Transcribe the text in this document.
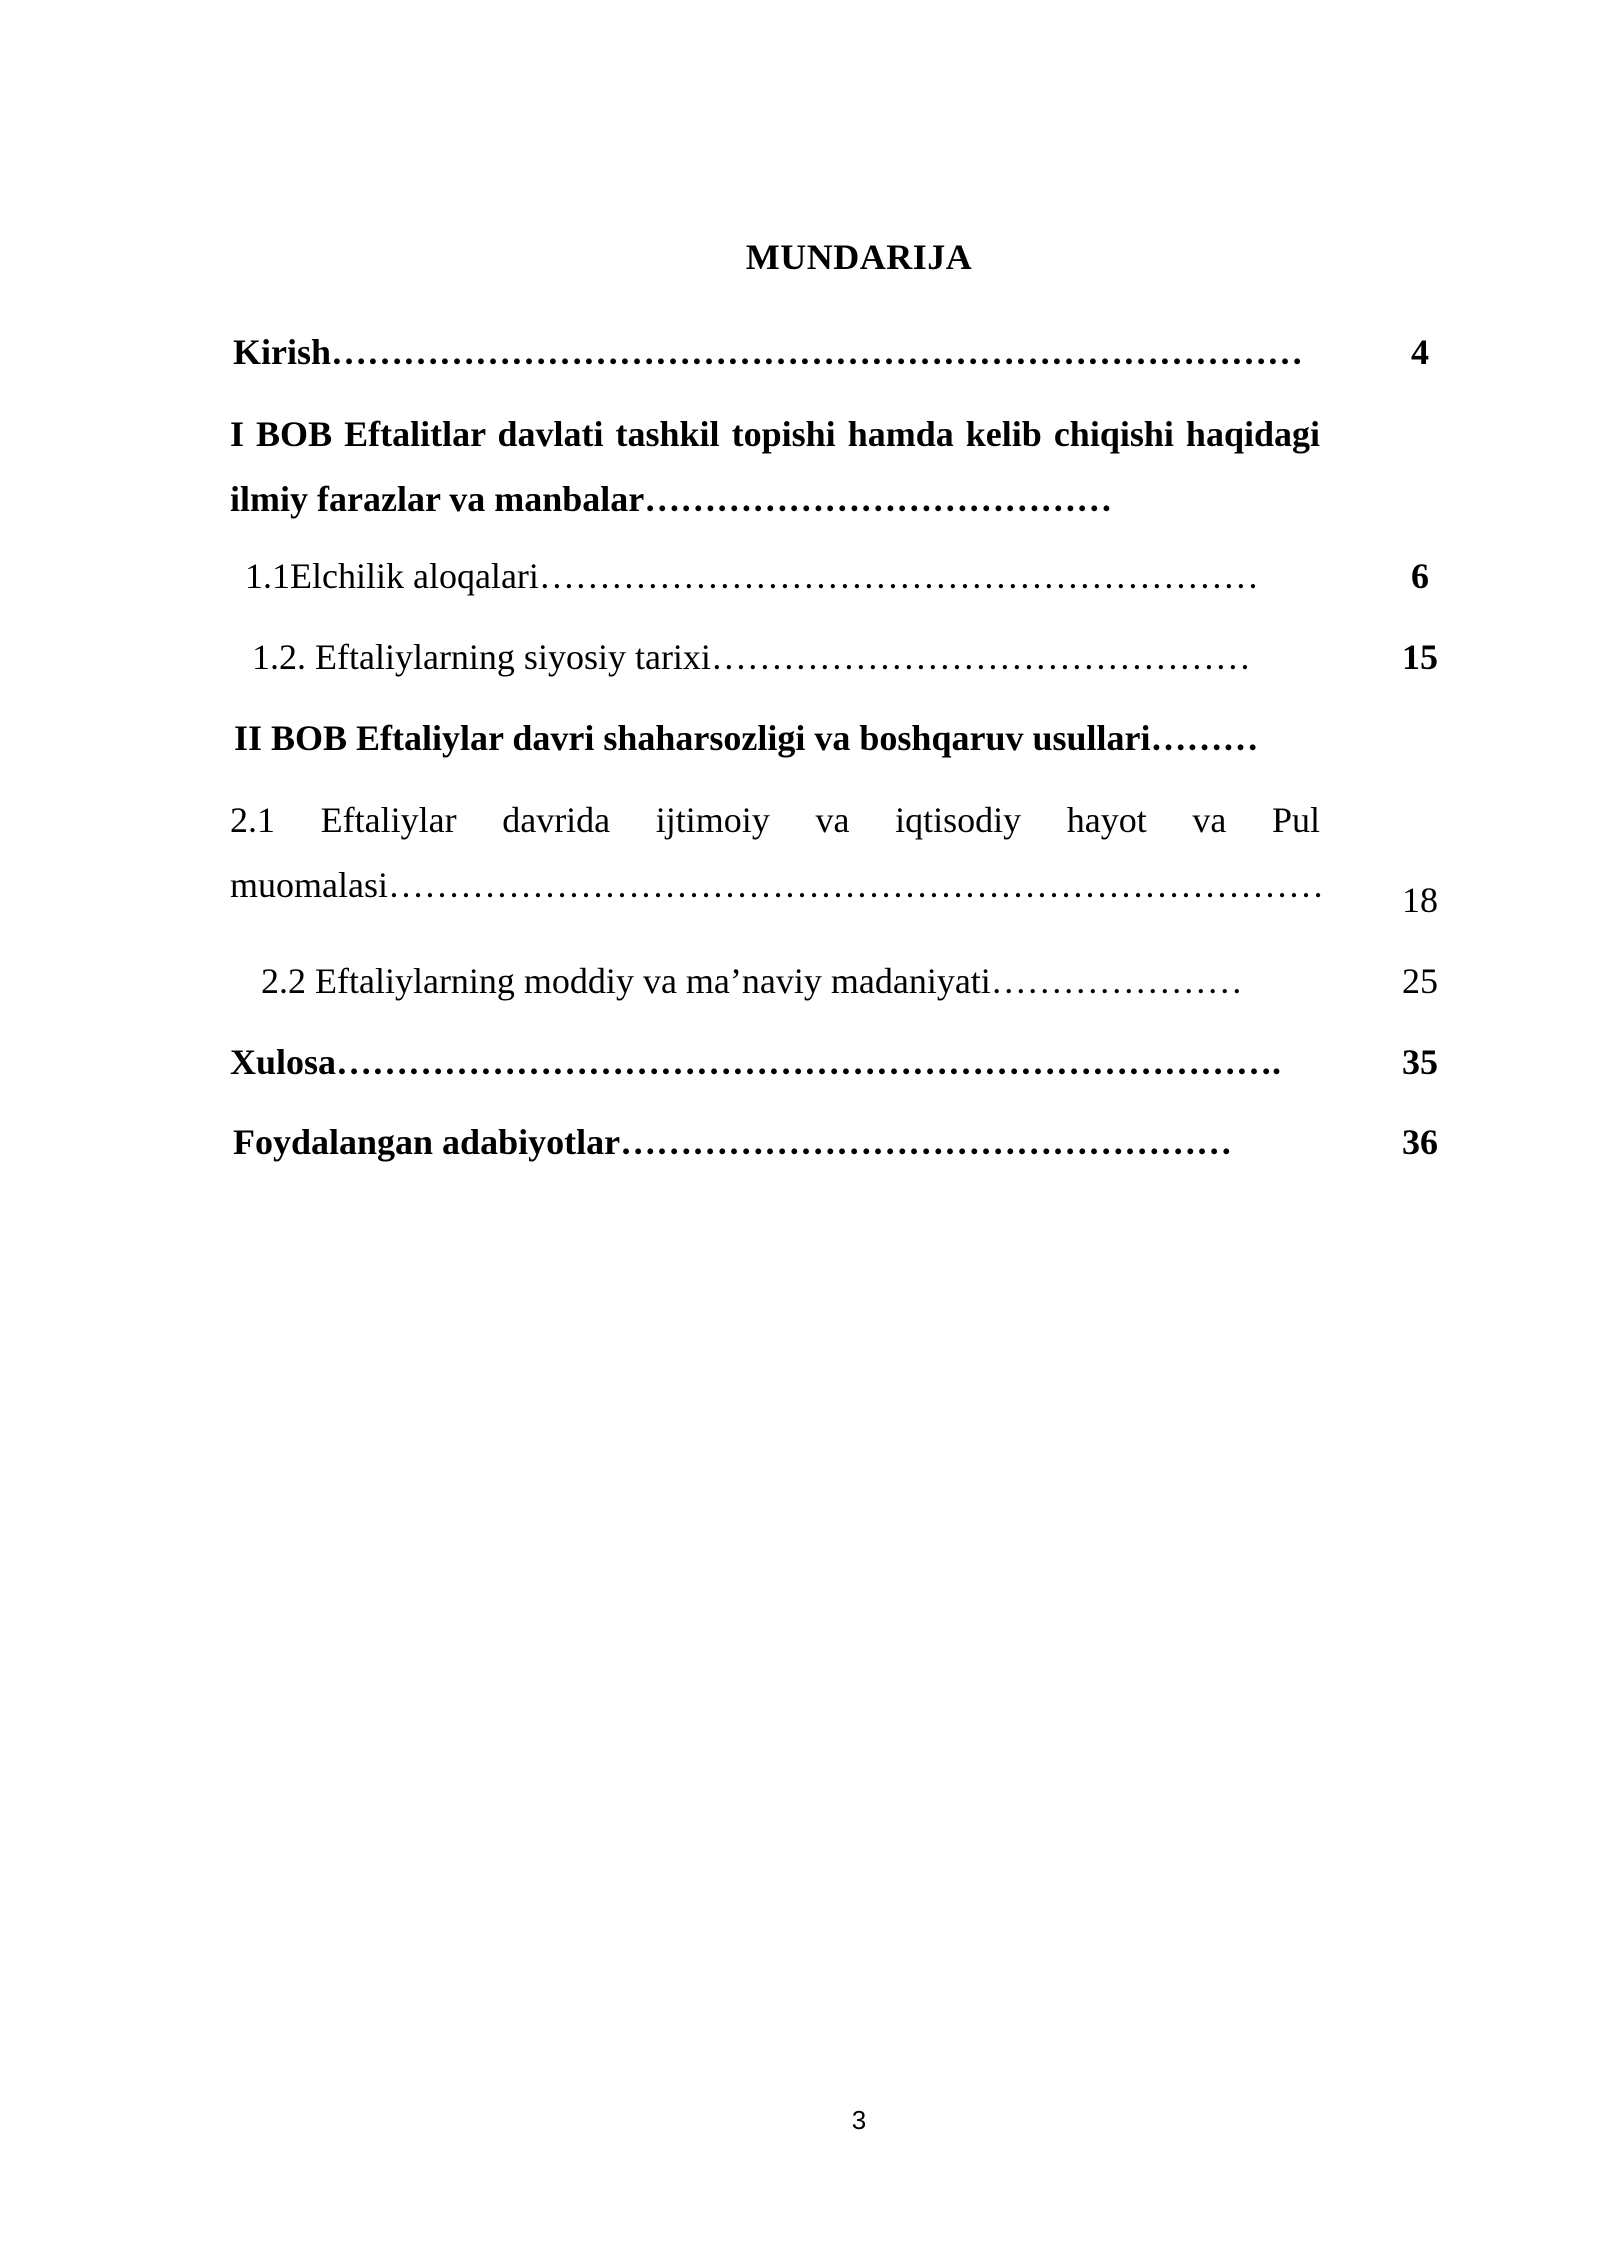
MUNDARIJA
Kirish………………………………………………………………………	4
I BOB Eftalitlar davlati tashkil topishi hamda kelib chiqishi haqidagi ilmiy farazlar va manbalar…………………………………
1.1Elchilik aloqalari……………………………………………………	6
1.2. Eftaliylarning siyosiy tarixi………………………………………	15
II BOB Eftaliylar davri shaharsozligi va boshqaruv usullari………
2.1 Eftaliylar davrida ijtimoiy va iqtisodiy hayot va Pul muomalasi……………………………………………………………………	18
2.2 Eftaliylarning moddiy va ma’naviy madaniyati…………………	25
Xulosa…………………………………………………………………….	35
Foydalangan adabiyotlar……………………………………………	36
3
